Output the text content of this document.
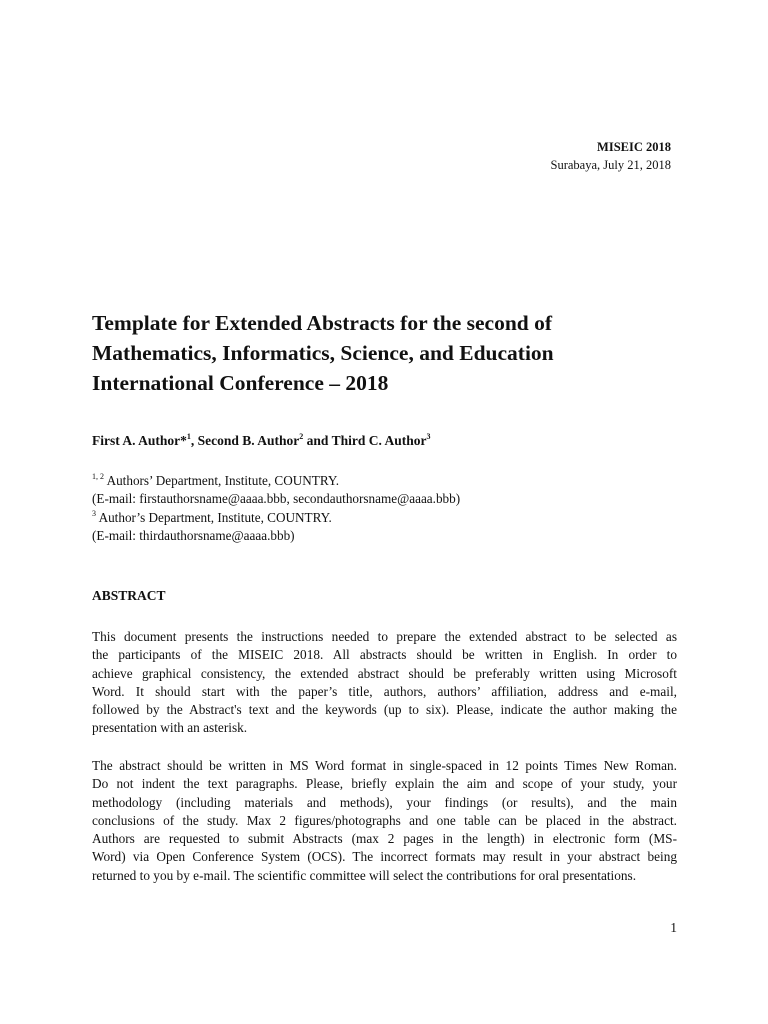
MISEIC 2018
Surabaya, July 21, 2018
Template for Extended Abstracts for the second of
Mathematics, Informatics, Science, and Education
International Conference – 2018
First A. Author*$^1$, Second B. Author$^2$ and Third C. Author$^3$
$^{1, 2}$ Authors’ Department, Institute, COUNTRY.
(E-mail: firstauthorsname@aaaa.bbb, secondauthorsname@aaaa.bbb)
$^3$ Author’s Department, Institute, COUNTRY.
(E-mail: thirdauthorsname@aaaa.bbb)
ABSTRACT
This document presents the instructions needed to prepare the extended abstract to be selected as
the participants of the MISEIC 2018. All abstracts should be written in English. In order to
achieve graphical consistency, the extended abstract should be preferably written using Microsoft
Word. It should start with the paper’s title, authors, authors’ affiliation, address and e-mail,
followed by the Abstract's text and the keywords (up to six). Please, indicate the author making the
presentation with an asterisk.
The abstract should be written in MS Word format in single-spaced in 12 points Times New Roman.
Do not indent the text paragraphs. Please, briefly explain the aim and scope of your study, your
methodology (including materials and methods), your findings (or results), and the main
conclusions of the study. Max 2 figures/photographs and one table can be placed in the abstract.
Authors are requested to submit Abstracts (max 2 pages in the length) in electronic form (MS-
Word) via Open Conference System (OCS). The incorrect formats may result in your abstract being
returned to you by e-mail. The scientific committee will select the contributions for oral presentations.
1
